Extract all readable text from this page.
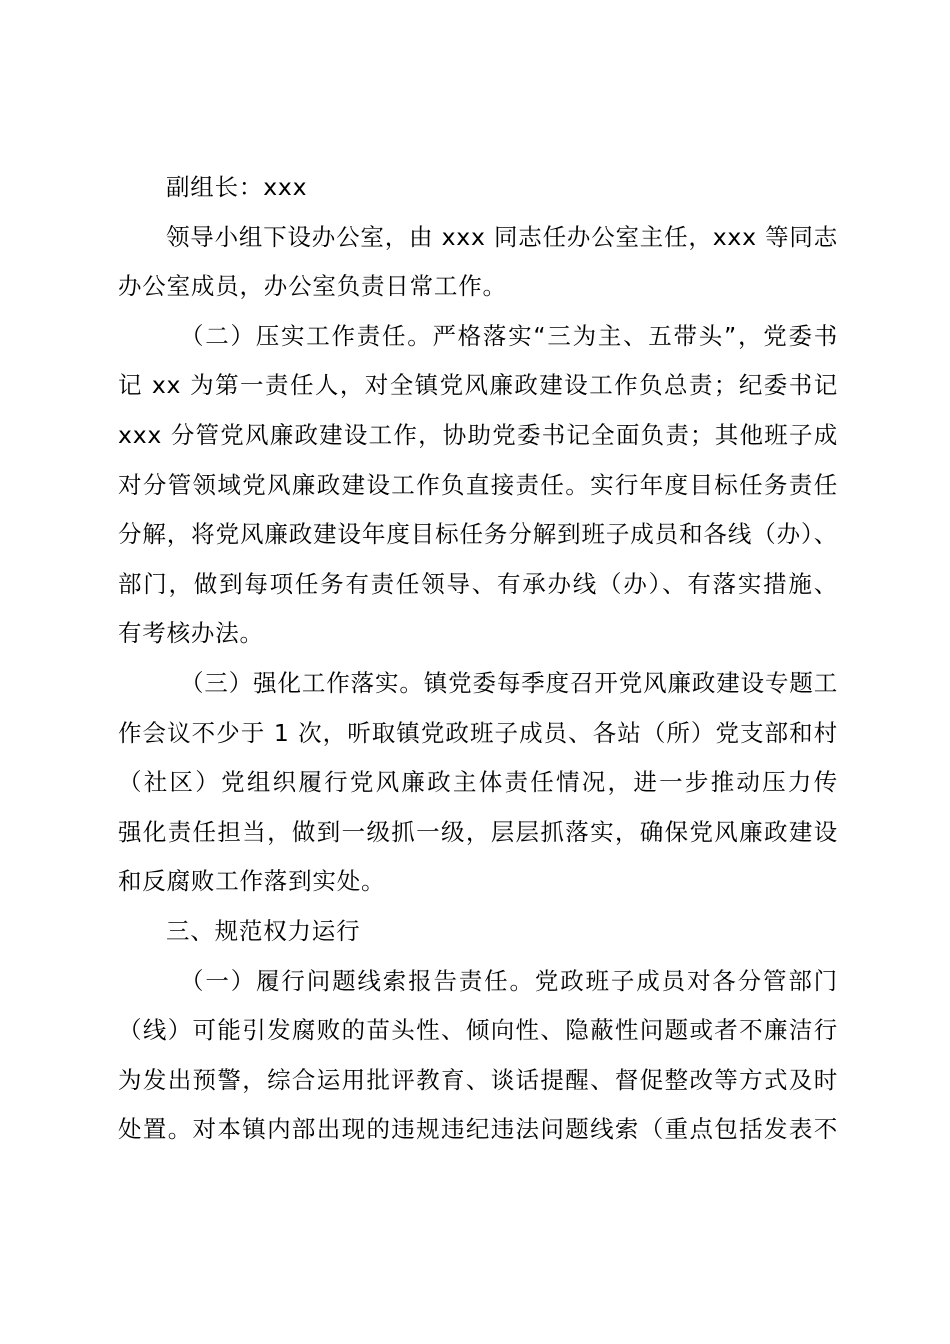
副组长：xxx
领导小组下设办公室，由 xxx 同志任办公室主任，xxx 等同志
办公室成员，办公室负责日常工作。
（二）压实工作责任。严格落实“三为主、五带头”，党委书
记 xx 为第一责任人，对全镇党风廉政建设工作负总责；纪委书记
xxx 分管党风廉政建设工作，协助党委书记全面负责；其他班子成
对分管领域党风廉政建设工作负直接责任。实行年度目标任务责任
分解，将党风廉政建设年度目标任务分解到班子成员和各线（办）、
部门，做到每项任务有责任领导、有承办线（办）、有落实措施、
有考核办法。
（三）强化工作落实。镇党委每季度召开党风廉政建设专题工
作会议不少于 1 次，听取镇党政班子成员、各站（所）党支部和村
（社区）党组织履行党风廉政主体责任情况，进一步推动压力传
强化责任担当，做到一级抓一级，层层抓落实，确保党风廉政建设
和反腐败工作落到实处。
三、规范权力运行
（一）履行问题线索报告责任。党政班子成员对各分管部门
（线）可能引发腐败的苗头性、倾向性、隐蔽性问题或者不廉洁行
为发出预警，综合运用批评教育、谈话提醒、督促整改等方式及时
处置。对本镇内部出现的违规违纪违法问题线索（重点包括发表不
